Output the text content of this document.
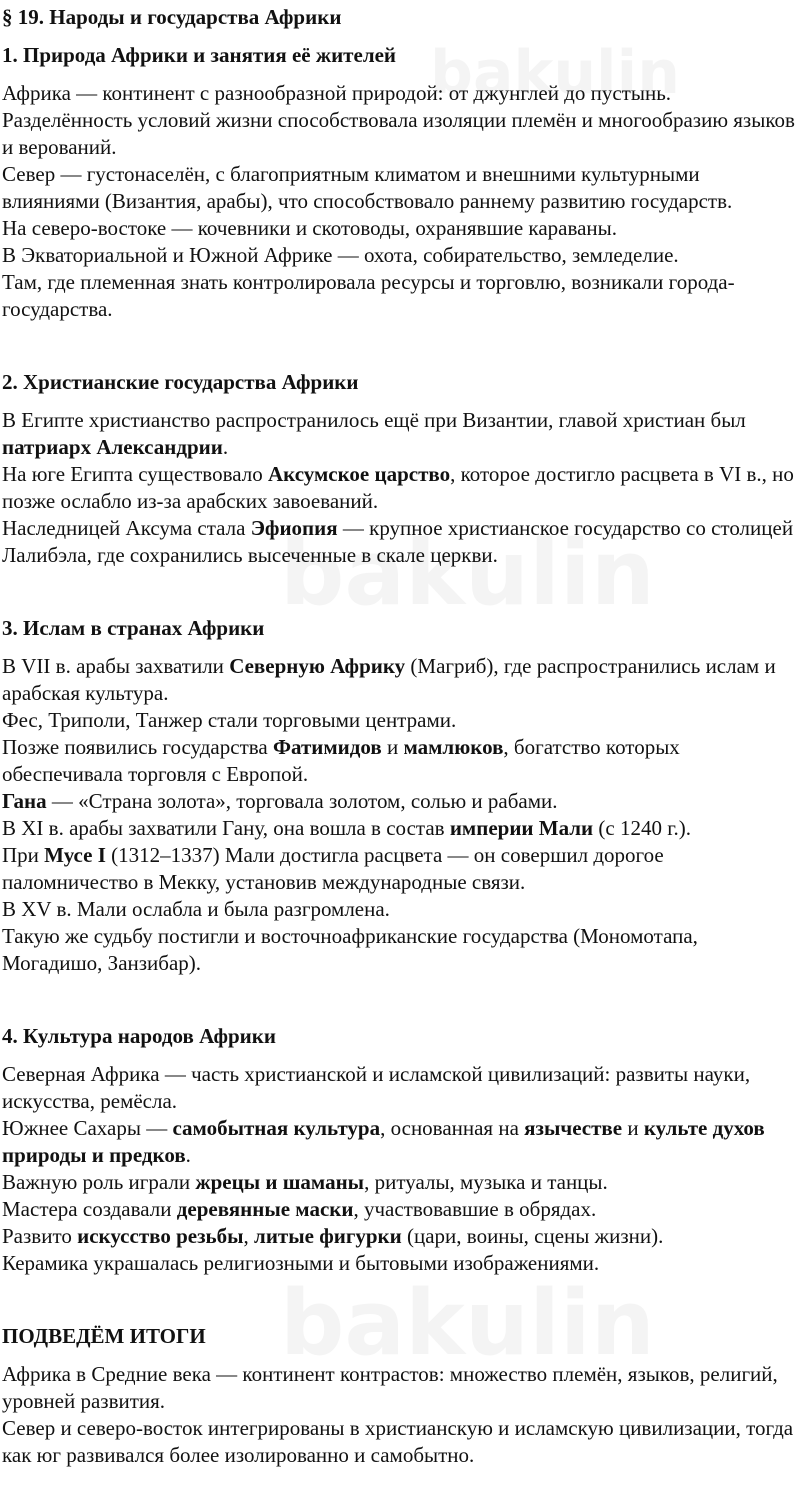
§ 19. Народы и государства Африки
1. Природа Африки и занятия её жителей

Африка — континент с разнообразной природой: от джунглей до пустынь.

Разделённость условий жизни способствовала изоляции племён и многообразию языков и верований.

Север — густонаселён, с благоприятным климатом и внешними культурными влияниями (Византия, арабы), что способствовало раннему развитию государств.

На северо-востоке — кочевники и скотоводы, охранявшие караваны.

В Экваториальной и Южной Африке — охота, собирательство, земледелие.

Там, где племенная знать контролировала ресурсы и торговлю, возникали города-государства.

2. Христианские государства Африки

В Египте христианство распространилось ещё при Византии, главой христиан был патриарх Александрии.

На юге Египта существовало Аксумское царство, которое достигло расцвета в VI в., но позже ослабло из-за арабских завоеваний.

Наследницей Аксума стала Эфиопия — крупное христианское государство со столицей Лалибэла, где сохранились высеченные в скале церкви.

3. Ислам в странах Африки

В VII в. арабы захватили Северную Африку (Магриб), где распространились ислам и арабская культура.

Фес, Триполи, Танжер стали торговыми центрами.

Позже появились государства Фатимидов и мамлюков, богатство которых обеспечивала торговля с Европой.

Гана — «Страна золота», торговала золотом, солью и рабами.

В XI в. арабы захватили Гану, она вошла в состав империи Мали (с 1240 г.).

При Мусе I (1312–1337) Мали достигла расцвета — он совершил дорогое паломничество в Мекку, установив международные связи.

В XV в. Мали ослабла и была разгромлена.

Такую же судьбу постигли и восточноафриканские государства (Мономотапа, Могадишо, Занзибар).

4. Культура народов Африки

Северная Африка — часть христианской и исламской цивилизаций: развиты науки, искусства, ремёсла.

Южнее Сахары — самобытная культура, основанная на язычестве и культе духов природы и предков.

Важную роль играли жрецы и шаманы, ритуалы, музыка и танцы.

Мастера создавали деревянные маски, участвовавшие в обрядах.

Развито искусство резьбы, литые фигурки (цари, воины, сцены жизни).

Керамика украшалась религиозными и бытовыми изображениями.

ПОДВЕДЁМ ИТОГИ

Африка в Средние века — континент контрастов: множество племён, языков, религий, уровней развития.

Север и северо-восток интегрированы в христианскую и исламскую цивилизации, тогда как юг развивался более изолированно и самобытно.
